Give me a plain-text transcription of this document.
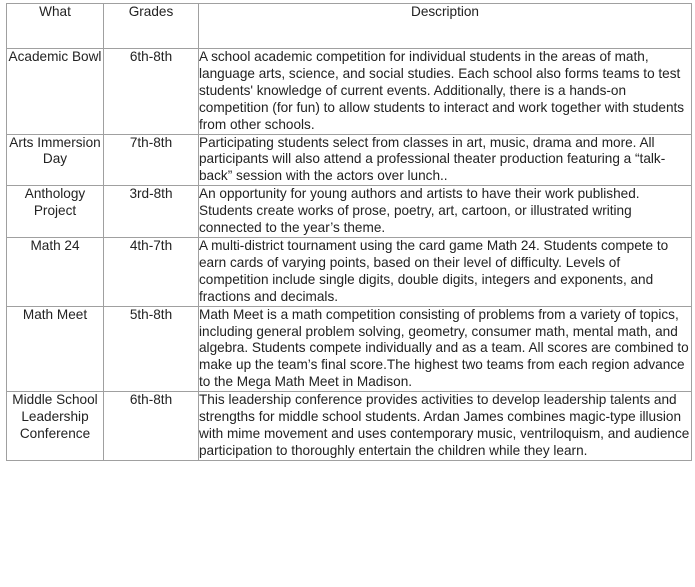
What	Grades	Description
Academic Bowl	6th-8th	A school academic competition for individual students in the areas of math, language arts, science, and social studies. Each school also forms teams to test students' knowledge of current events. Additionally, there is a hands-on competition (for fun) to allow students to interact and work together with students from other schools.
Arts Immersion Day	7th-8th	Participating students select from classes in art, music, drama and more. All participants will also attend a professional theater production featuring a “talk-back” session with the actors over lunch..
Anthology Project	3rd-8th	An opportunity for young authors and artists to have their work published. Students create works of prose, poetry, art, cartoon, or illustrated writing connected to the year’s theme.
Math 24	4th-7th	A multi-district tournament using the card game Math 24. Students compete to earn cards of varying points, based on their level of difficulty. Levels of competition include single digits, double digits, integers and exponents, and fractions and decimals.
Math Meet	5th-8th	Math Meet is a math competition consisting of problems from a variety of topics, including general problem solving, geometry, consumer math, mental math, and algebra. Students compete individually and as a team. All scores are combined to make up the team’s final score.The highest two teams from each region advance to the Mega Math Meet in Madison.
Middle School Leadership Conference	6th-8th	This leadership conference provides activities to develop leadership talents and strengths for middle school students. Ardan James combines magic-type illusion with mime movement and uses contemporary music, ventriloquism, and audience participation to thoroughly entertain the children while they learn.
